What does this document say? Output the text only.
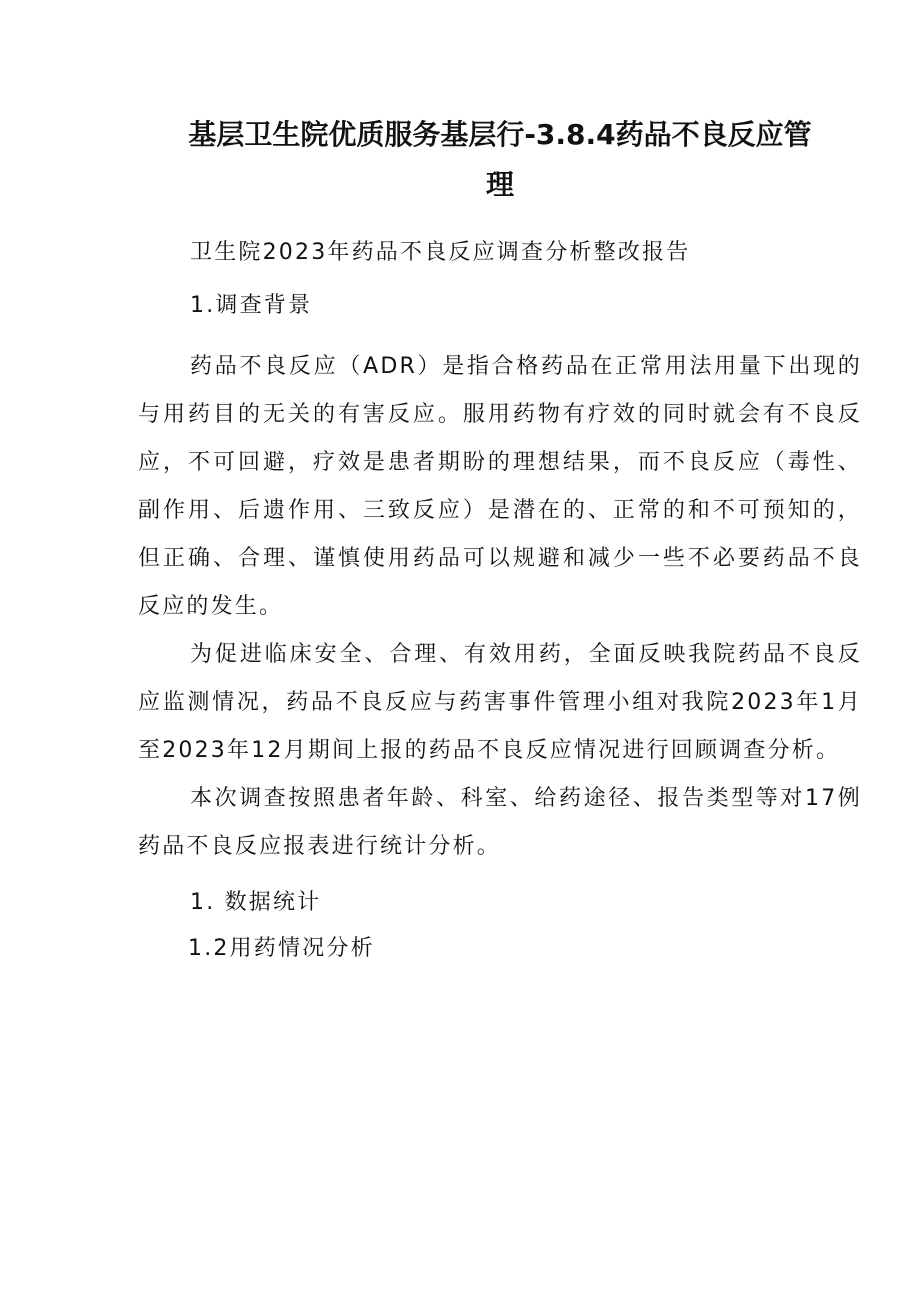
基层卫生院优质服务基层行-3.8.4药品不良反应管
理
卫生院2023年药品不良反应调查分析整改报告
1.调查背景

药品不良反应（ADR）是指合格药品在正常用法用量下出现的与用药目的无关的有害反应。服用药物有疗效的同时就会有不良反应，不可回避，疗效是患者期盼的理想结果，而不良反应（毒性、副作用、后遗作用、三致反应）是潜在的、正常的和不可预知的，但正确、合理、谨慎使用药品可以规避和减少一些不必要药品不良反应的发生。

为促进临床安全、合理、有效用药，全面反映我院药品不良反应监测情况，药品不良反应与药害事件管理小组对我院2023年1月至2023年12月期间上报的药品不良反应情况进行回顾调查分析。

本次调查按照患者年龄、科室、给药途径、报告类型等对17例药品不良反应报表进行统计分析。

1. 数据统计
1.2用药情况分析
